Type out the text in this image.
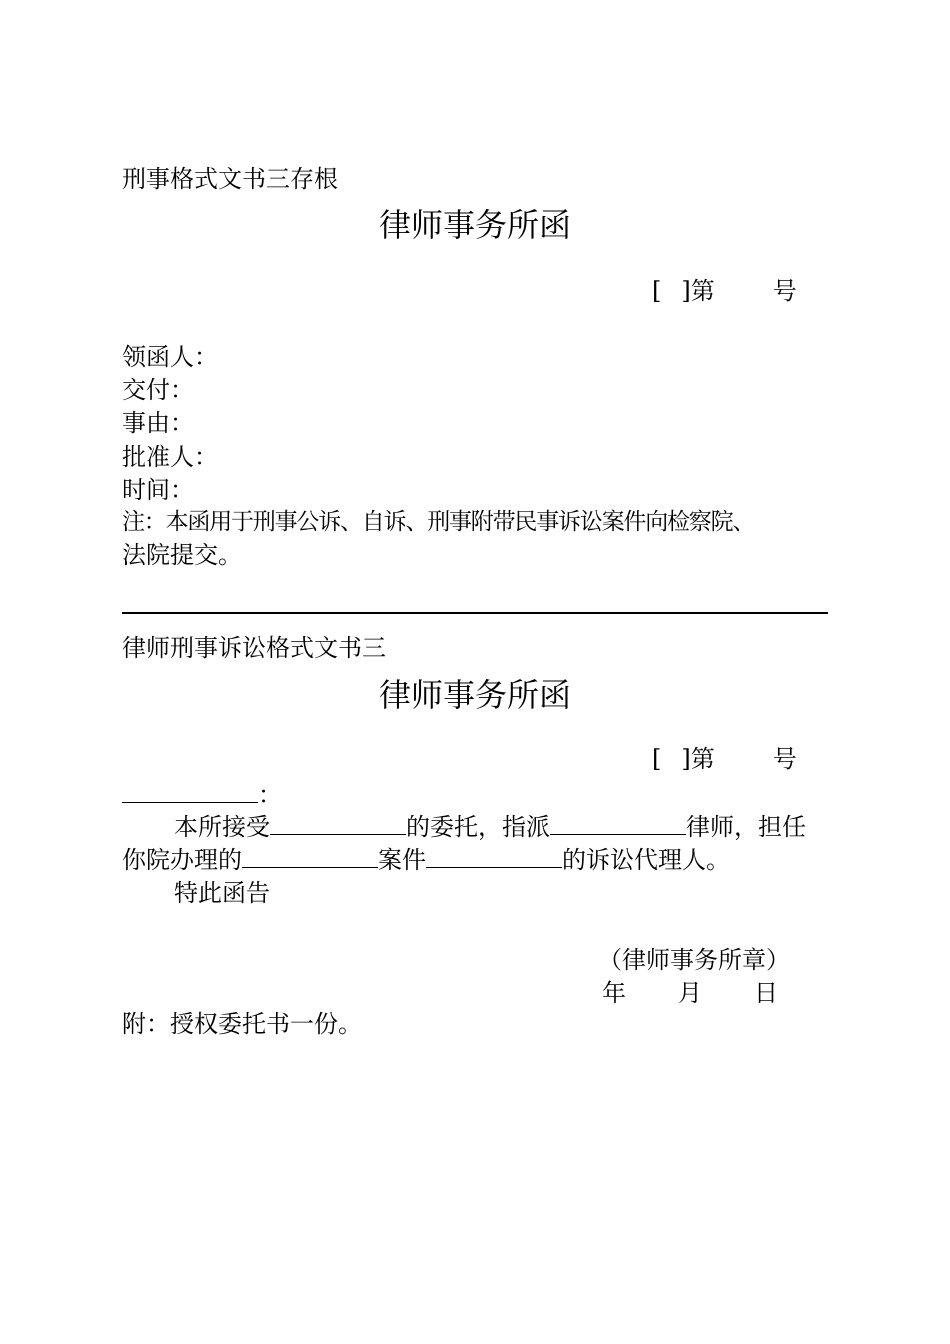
刑事格式文书三存根
律师事务所函
[ ]第 号
领函人：
交付：
事由：
批准人：
时间：
注：本函用于刑事公诉、自诉、刑事附带民事诉讼案件向检察院、
法院提交。
律师刑事诉讼格式文书三
律师事务所函
[ ]第 号
：
本所接受	的委托，指派	律师，担任
你院办理的	案件	的诉讼代理人。
特此函告
（律师事务所章）
年 月 日
附：授权委托书一份。
